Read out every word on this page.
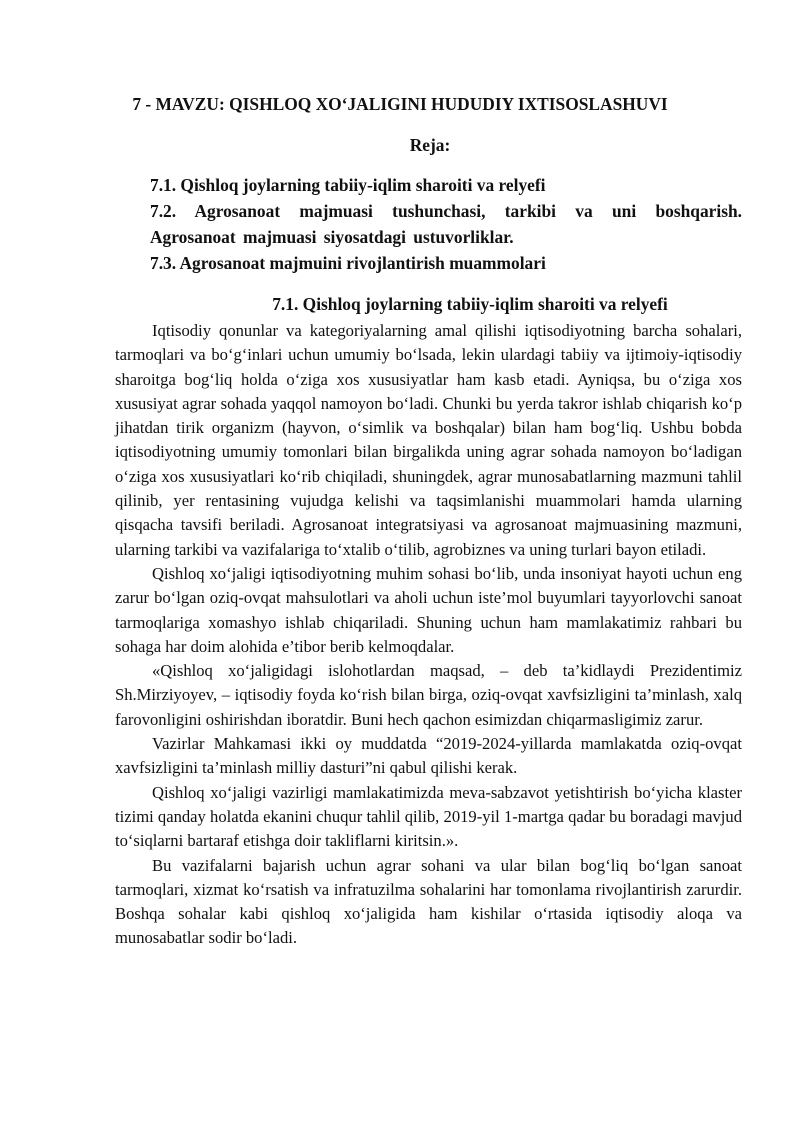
7 - MAVZU: QISHLOQ XO‘JALIGINI HUDUDIY IXTISOSLASHUVI
Reja:
7.1. Qishloq joylarning tabiiy-iqlim sharoiti va relyefi
7.2. Agrosanoat majmuasi tushunchasi, tarkibi va uni boshqarish. Agrosanoat majmuasi siyosatdagi ustuvorliklar.
7.3. Agrosanoat majmuini rivojlantirish muammolari
7.1. Qishloq joylarning tabiiy-iqlim sharoiti va relyefi

Iqtisodiy qonunlar va kategoriyalarning amal qilishi iqtisodiyotning barcha sohalari, tarmoqlari va bo‘g‘inlari uchun umumiy bo‘lsada, lekin ulardagi tabiiy va ijtimoiy-iqtisodiy sharoitga bog‘liq holda o‘ziga xos xususiyatlar ham kasb etadi. Ayniqsa, bu o‘ziga xos xususiyat agrar sohada yaqqol namoyon bo‘ladi. Chunki bu yerda takror ishlab chiqarish ko‘p jihatdan tirik organizm (hayvon, o‘simlik va boshqalar) bilan ham bog‘liq. Ushbu bobda iqtisodiyotning umumiy tomonlari bilan birgalikda uning agrar sohada namoyon bo‘ladigan o‘ziga xos xususiyatlari ko‘rib chiqiladi, shuningdek, agrar munosabatlarning mazmuni tahlil qilinib, yer rentasining vujudga kelishi va taqsimlanishi muammolari hamda ularning qisqacha tavsifi beriladi. Agrosanoat integratsiyasi va agrosanoat majmuasining mazmuni, ularning tarkibi va vazifalariga to‘xtalib o‘tilib, agrobiznes va uning turlari bayon etiladi.

Qishloq xo‘jaligi iqtisodiyotning muhim sohasi bo‘lib, unda insoniyat hayoti uchun eng zarur bo‘lgan oziq-ovqat mahsulotlari va aholi uchun iste’mol buyumlari tayyorlovchi sanoat tarmoqlariga xomashyo ishlab chiqariladi. Shuning uchun ham mamlakatimiz rahbari bu sohaga har doim alohida e’tibor berib kelmoqdalar.

«Qishloq xo‘jaligidagi islohotlardan maqsad, – deb ta’kidlaydi Prezidentimiz Sh.Mirziyoyev, – iqtisodiy foyda ko‘rish bilan birga, oziq-ovqat xavfsizligini ta’minlash, xalq farovonligini oshirishdan iboratdir. Buni hech qachon esimizdan chiqarmasligimiz zarur.

Vazirlar Mahkamasi ikki oy muddatda “2019-2024-yillarda mamlakatda oziq-ovqat xavfsizligini ta’minlash milliy dasturi”ni qabul qilishi kerak.

Qishloq xo‘jaligi vazirligi mamlakatimizda meva-sabzavot yetishtirish bo‘yicha klaster tizimi qanday holatda ekanini chuqur tahlil qilib, 2019-yil 1-martga qadar bu boradagi mavjud to‘siqlarni bartaraf etishga doir takliflarni kiritsin.».

Bu vazifalarni bajarish uchun agrar sohani va ular bilan bog‘liq bo‘lgan sanoat tarmoqlari, xizmat ko‘rsatish va infratuzilma sohalarini har tomonlama rivojlantirish zarurdir. Boshqa sohalar kabi qishloq xo‘jaligida ham kishilar o‘rtasida iqtisodiy aloqa va munosabatlar sodir bo‘ladi.
